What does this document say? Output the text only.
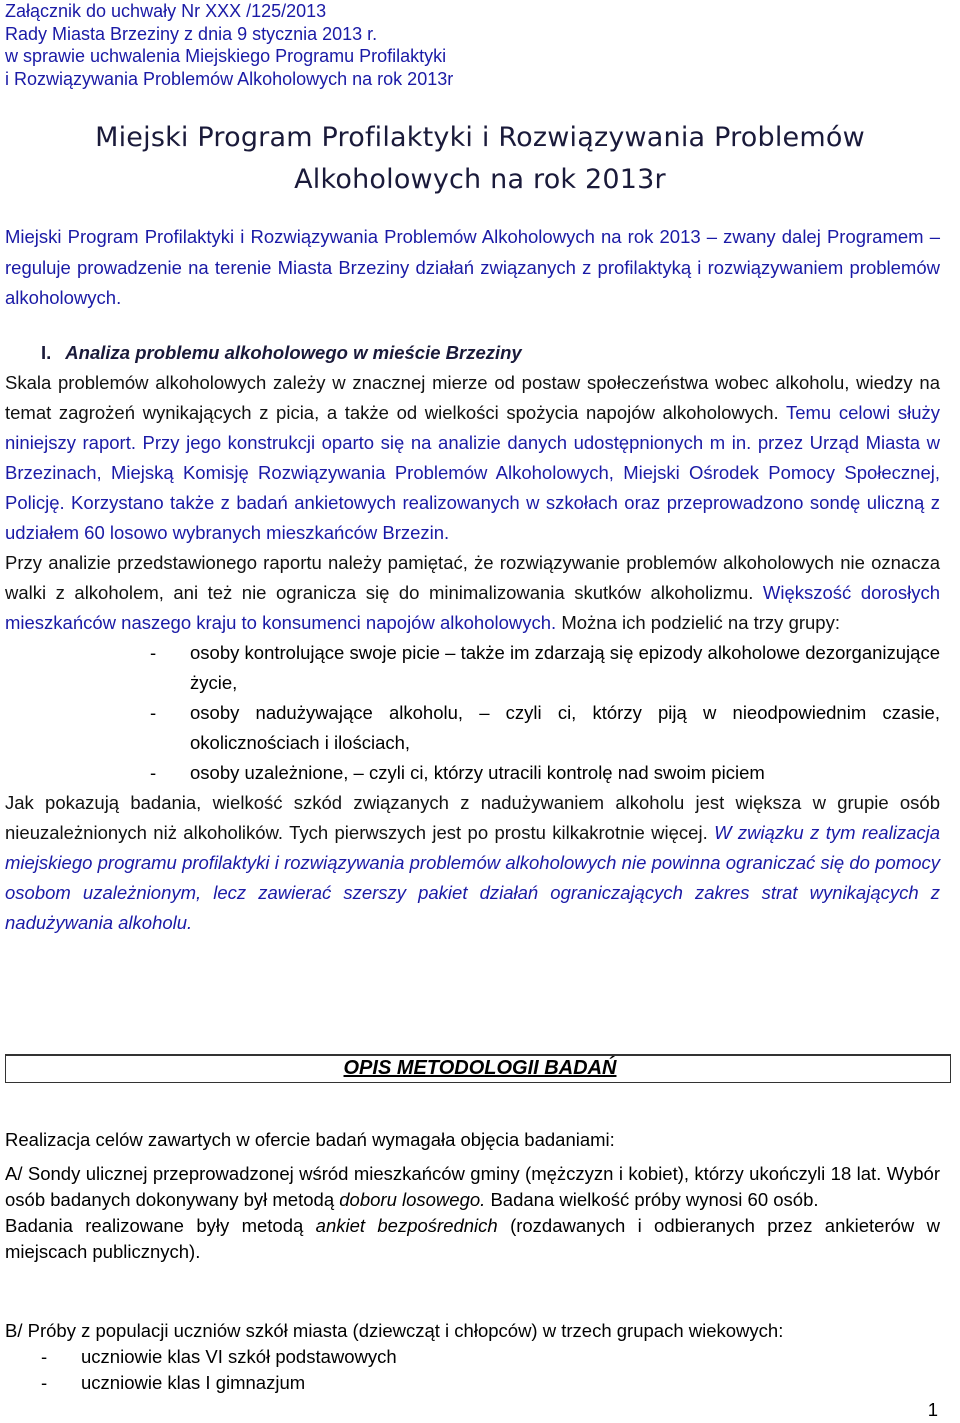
Załącznik do uchwały Nr XXX /125/2013
Rady Miasta Brzeziny z dnia 9 stycznia 2013 r.
w sprawie uchwalenia Miejskiego Programu Profilaktyki
i Rozwiązywania Problemów Alkoholowych na rok 2013r
Miejski Program Profilaktyki i Rozwiązywania Problemów
Alkoholowych na rok 2013r

Miejski Program Profilaktyki i Rozwiązywania Problemów Alkoholowych na rok 2013 – zwany dalej Programem – reguluje prowadzenie na terenie Miasta Brzeziny działań związanych z profilaktyką i rozwiązywaniem problemów alkoholowych.

I. Analiza problemu alkoholowego w mieście Brzeziny

Skala problemów alkoholowych zależy w znacznej mierze od postaw społeczeństwa wobec alkoholu, wiedzy na temat zagrożeń wynikających z picia, a także od wielkości spożycia napojów alkoholowych. Temu celowi służy niniejszy raport. Przy jego konstrukcji oparto się na analizie danych udostępnionych m in. przez Urząd Miasta w Brzezinach, Miejską Komisję Rozwiązywania Problemów Alkoholowych, Miejski Ośrodek Pomocy Społecznej, Policję. Korzystano także z badań ankietowych realizowanych w szkołach oraz przeprowadzono sondę uliczną z udziałem 60 losowo wybranych mieszkańców Brzezin.

Przy analizie przedstawionego raportu należy pamiętać, że rozwiązywanie problemów alkoholowych nie oznacza walki z alkoholem, ani też nie ogranicza się do minimalizowania skutków alkoholizmu. Większość dorosłych mieszkańców naszego kraju to konsumenci napojów alkoholowych. Można ich podzielić na trzy grupy:

- osoby kontrolujące swoje picie – także im zdarzają się epizody alkoholowe dezorganizujące życie,
- osoby nadużywające alkoholu, – czyli ci, którzy piją w nieodpowiednim czasie, okolicznościach i ilościach,
- osoby uzależnione, – czyli ci, którzy utracili kontrolę nad swoim piciem

Jak pokazują badania, wielkość szkód związanych z nadużywaniem alkoholu jest większa w grupie osób nieuzależnionych niż alkoholików. Tych pierwszych jest po prostu kilkakrotnie więcej. W związku z tym realizacja miejskiego programu profilaktyki i rozwiązywania problemów alkoholowych nie powinna ograniczać się do pomocy osobom uzależnionym, lecz zawierać szerszy pakiet działań ograniczających zakres strat wynikających z nadużywania alkoholu.

OPIS METODOLOGII BADAŃ

Realizacja celów zawartych w ofercie badań wymagała objęcia badaniami:

A/ Sondy ulicznej przeprowadzonej wśród mieszkańców gminy (mężczyzn i kobiet), którzy ukończyli 18 lat. Wybór osób badanych dokonywany był metodą doboru losowego. Badana wielkość próby wynosi 60 osób.

Badania realizowane były metodą ankiet bezpośrednich (rozdawanych i odbieranych przez ankieterów w miejscach publicznych).

B/ Próby z populacji uczniów szkół miasta (dziewcząt i chłopców) w trzech grupach wiekowych:

- uczniowie klas VI szkół podstawowych
- uczniowie klas I gimnazjum
1
